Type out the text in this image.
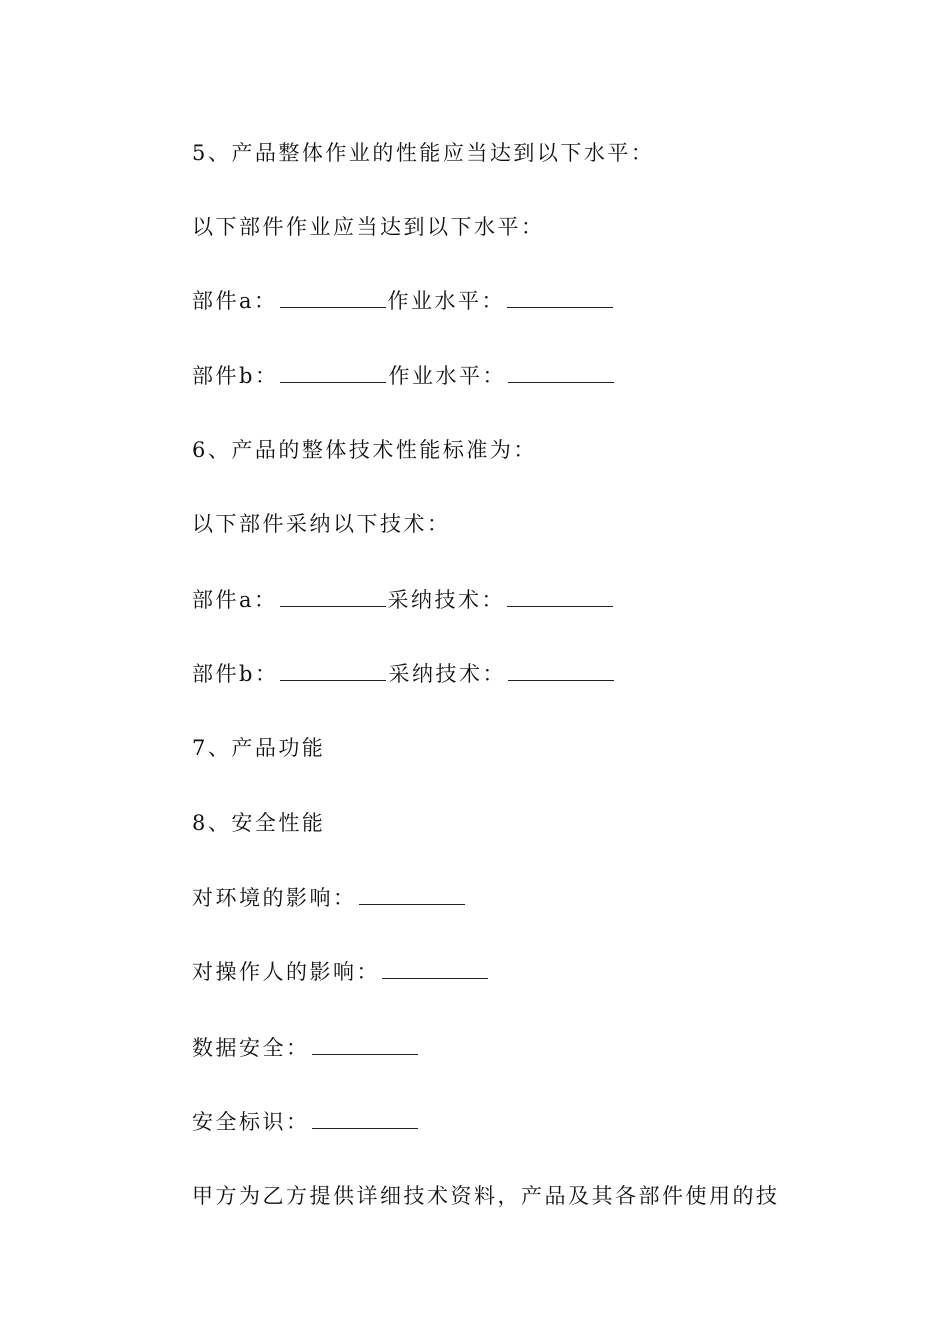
5、产品整体作业的性能应当达到以下水平：
以下部件作业应当达到以下水平：
部件a：	作业水平：
部件b：	作业水平：
6、产品的整体技术性能标准为：
以下部件采纳以下技术：
部件a：	采纳技术：
部件b：	采纳技术：
7、产品功能
8、安全性能
对环境的影响：
对操作人的影响：
数据安全：
安全标识：
甲方为乙方提供详细技术资料，产品及其各部件使用的技
